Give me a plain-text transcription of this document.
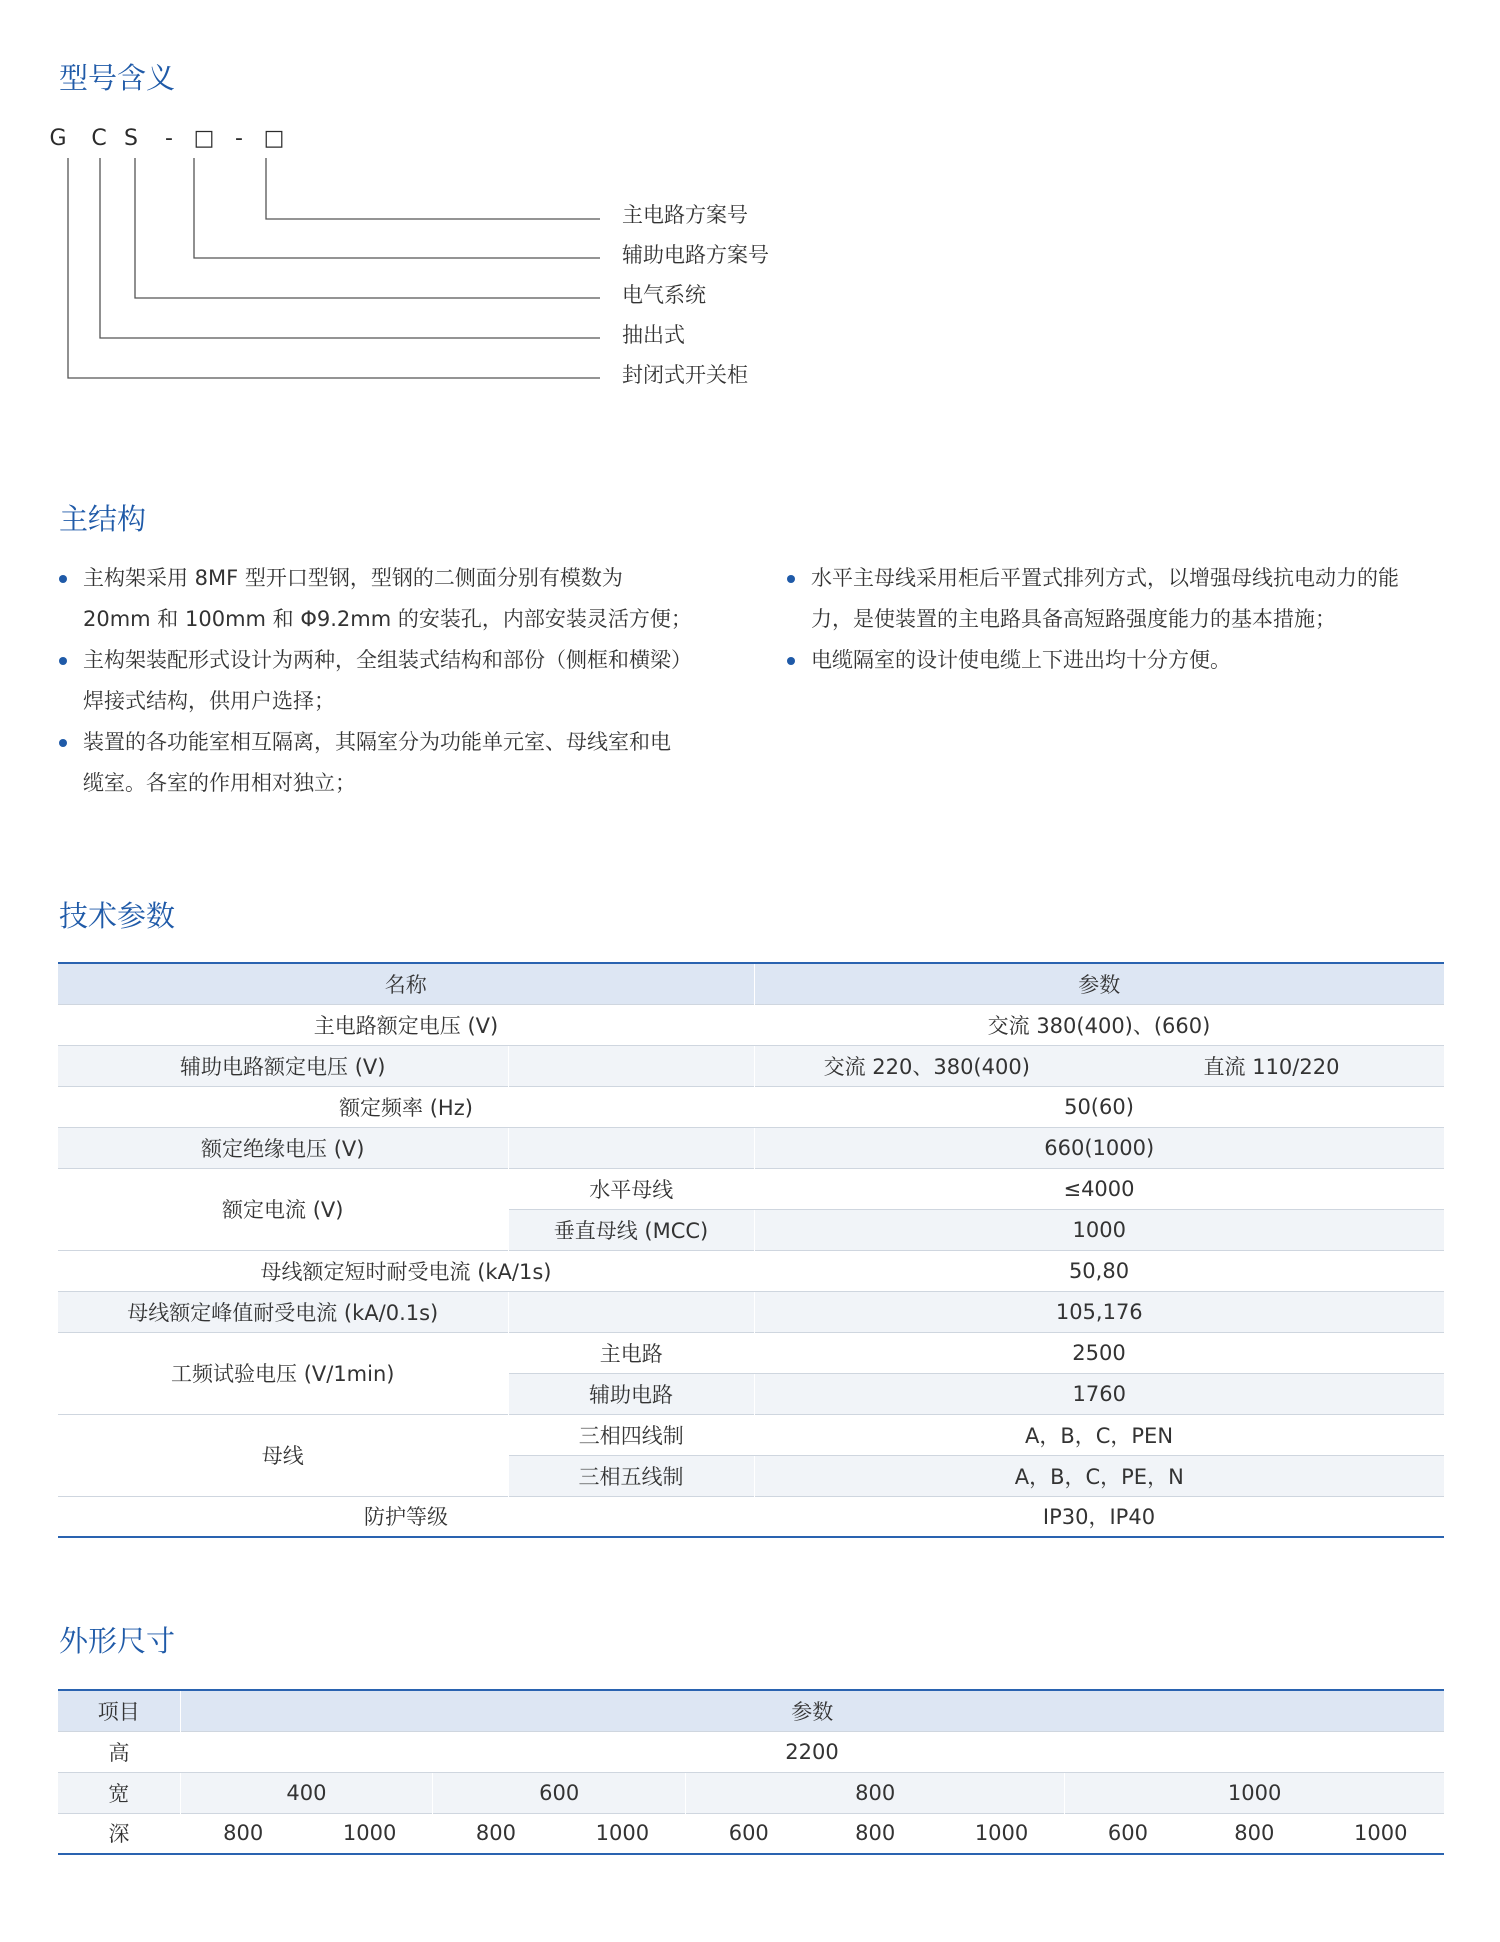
型号含义
G C S	- □ - □
主电路方案号
辅助电路方案号
电气系统
抽出式
封闭式开关柜
主结构
主构架采用 8MF 型开口型钢，型钢的二侧面分别有模数为
20mm 和 100mm 和 Φ9.2mm 的安装孔，内部安装灵活方便；
主构架装配形式设计为两种，全组装式结构和部份（侧框和横梁）
焊接式结构，供用户选择；
装置的各功能室相互隔离，其隔室分为功能单元室、母线室和电
缆室。各室的作用相对独立；
水平主母线采用柜后平置式排列方式，以增强母线抗电动力的能
力，是使装置的主电路具备高短路强度能力的基本措施；
电缆隔室的设计使电缆上下进出均十分方便。
技术参数
名称		参数	
主电路额定电压 (V)		交流 380(400)、(660)	
辅助电路额定电压 (V)		交流 220、380(400)	直流 110/220
额定频率 (Hz)		50(60)	
额定绝缘电压 (V)		660(1000)	
额定电流 (V)	水平母线	≤4000	
	垂直母线 (MCC)	1000	
母线额定短时耐受电流 (kA/1s)		50,80	
母线额定峰值耐受电流 (kA/0.1s)		105,176	
工频试验电压 (V/1min)	主电路	2500	
	辅助电路	1760	
母线	三相四线制	A，B，C，PEN	
	三相五线制	A，B，C，PE，N	
防护等级		IP30，IP40	
外形尺寸
项目	参数									
高	2200									
宽	400		600		800			1000		
深	800	1000	800	1000	600	800	1000	600	800	1000
